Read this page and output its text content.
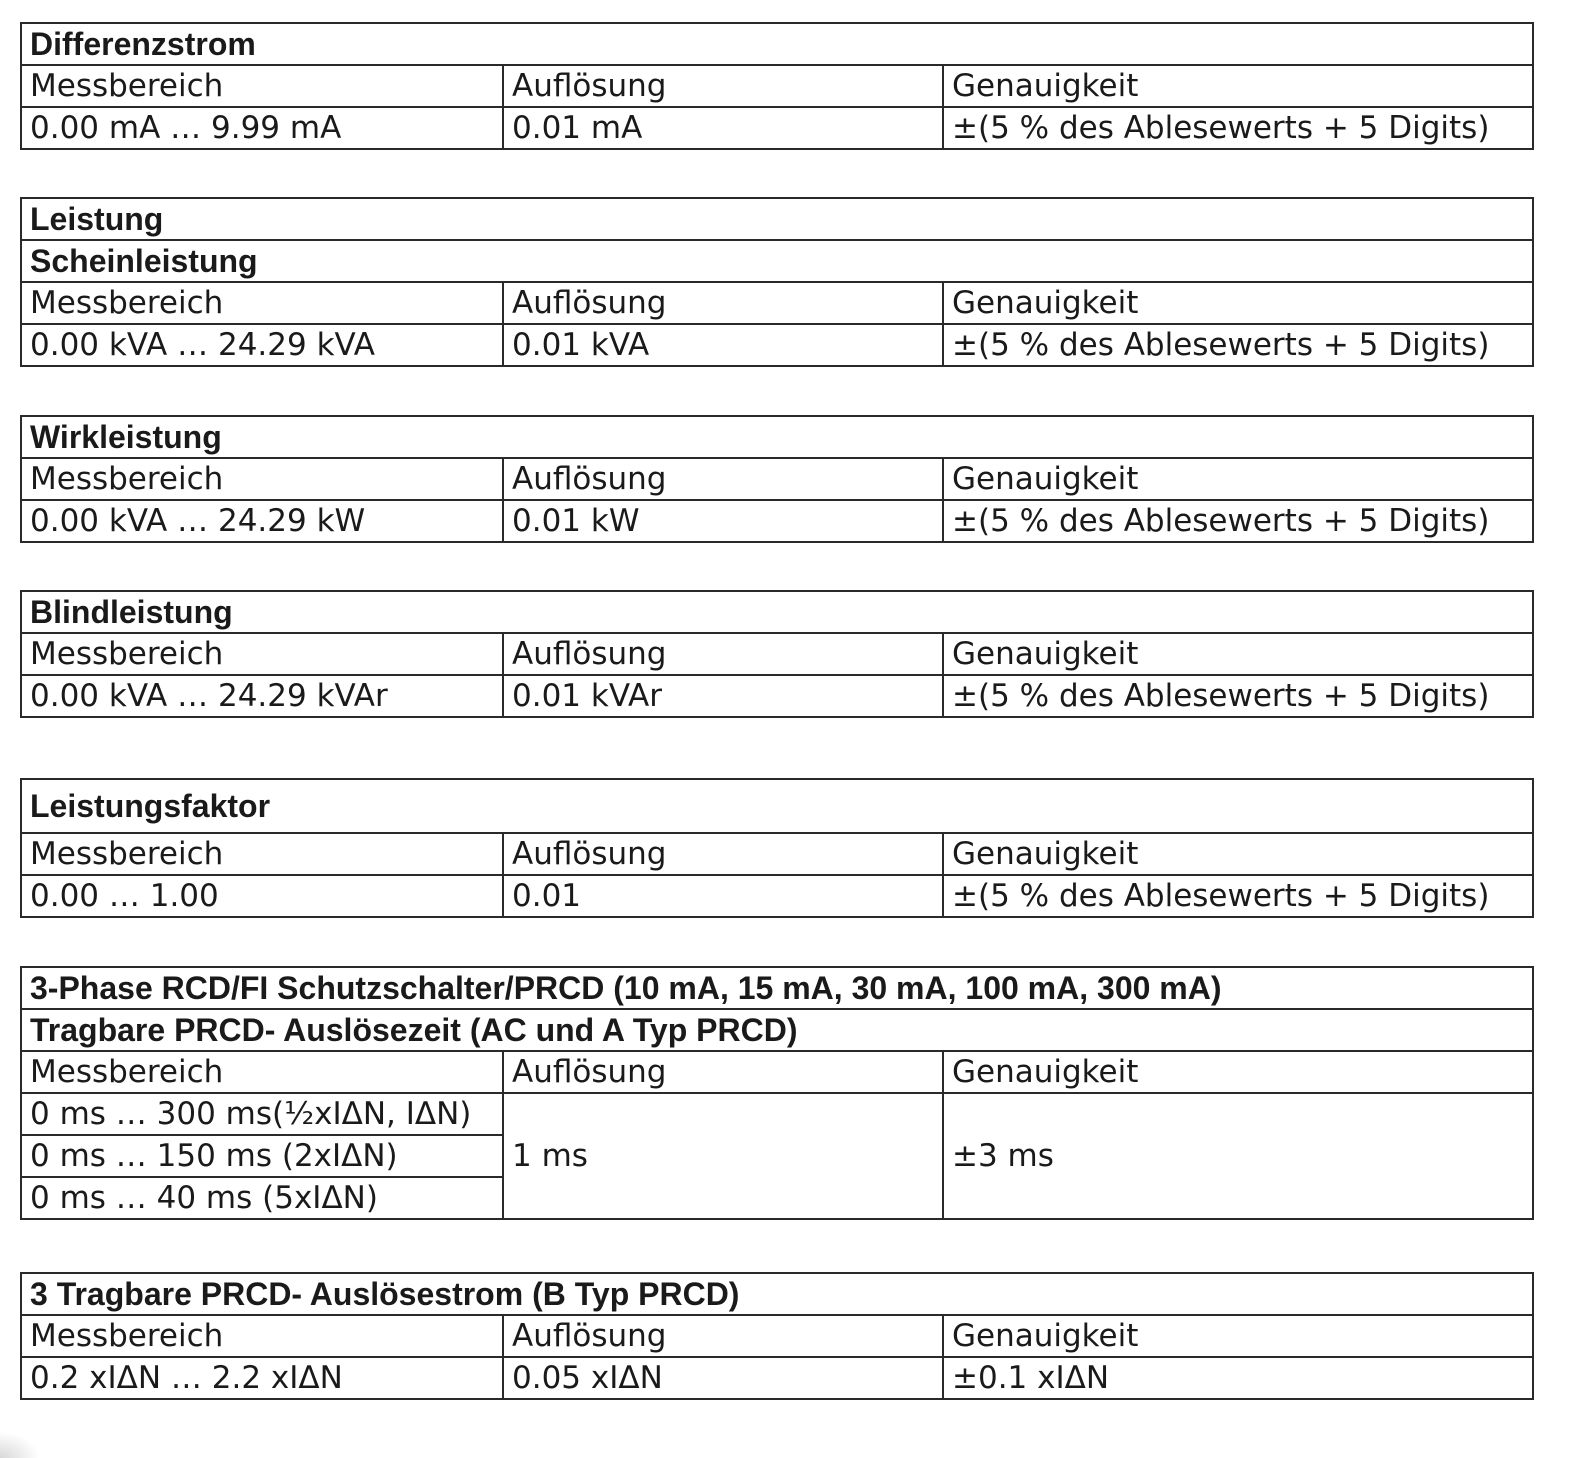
Differenzstrom		
Messbereich	Auflösung	Genauigkeit
0.00 mA … 9.99 mA	0.01 mA	±(5 % des Ablesewerts + 5 Digits)
Leistung		
Scheinleistung		
Messbereich	Auflösung	Genauigkeit
0.00 kVA … 24.29 kVA	0.01 kVA	±(5 % des Ablesewerts + 5 Digits)
Wirkleistung		
Messbereich	Auflösung	Genauigkeit
0.00 kVA … 24.29 kW	0.01 kW	±(5 % des Ablesewerts + 5 Digits)
Blindleistung		
Messbereich	Auflösung	Genauigkeit
0.00 kVA … 24.29 kVAr	0.01 kVAr	±(5 % des Ablesewerts + 5 Digits)
Leistungsfaktor		
Messbereich	Auflösung	Genauigkeit
0.00 … 1.00	0.01	±(5 % des Ablesewerts + 5 Digits)
3-Phase RCD/FI Schutzschalter/PRCD (10 mA, 15 mA, 30 mA, 100 mA, 300 mA)		
Tragbare PRCD- Auslösezeit (AC und A Typ PRCD)		
Messbereich	Auflösung	Genauigkeit
0 ms … 300 ms(½xIΔN, IΔN)	1 ms	±3 ms
0 ms … 150 ms (2xIΔN)		
0 ms … 40 ms (5xIΔN)		
3 Tragbare PRCD- Auslösestrom (B Typ PRCD)		
Messbereich	Auflösung	Genauigkeit
0.2 xIΔN … 2.2 xIΔN	0.05 xIΔN	±0.1 xIΔN
